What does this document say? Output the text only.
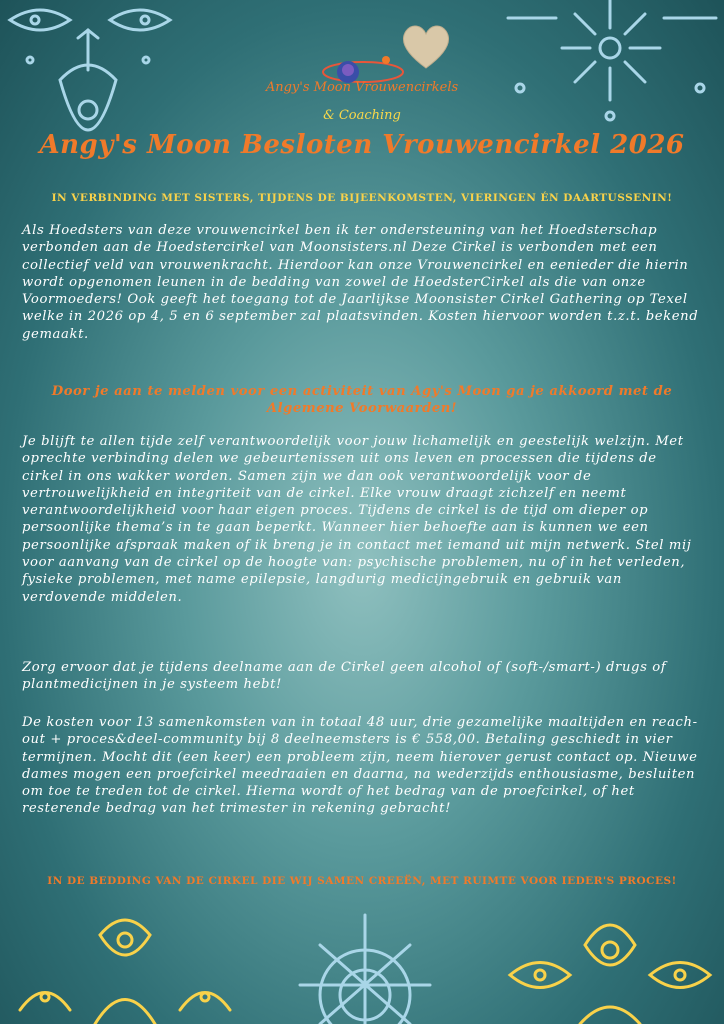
Angy's Moon Vrouwencirkels
& Coaching
Angy's Moon Besloten Vrouwencirkel 2026
IN VERBINDING MET SISTERS, TIJDENS DE BIJEENKOMSTEN, VIERINGEN ÉN DAARTUSSENIN!
Als Hoedsters van deze vrouwencirkel ben ik ter ondersteuning van het Hoedsterschap verbonden aan de Hoedstercirkel van Moonsisters.nl Deze Cirkel is verbonden met een collectief veld van vrouwenkracht. Hierdoor kan onze Vrouwencirkel en eenieder die hierin wordt opgenomen leunen in de bedding van zowel de HoedsterCirkel als die van onze Voormoeders! Ook geeft het toegang tot de Jaarlijkse Moonsister Cirkel Gathering op Texel welke in 2026 op 4, 5 en 6 september zal plaatsvinden. Kosten hiervoor worden t.z.t. bekend gemaakt.
Door je aan te melden voor een activiteit van Agy's Moon ga je akkoord met de Algemene Voorwaarden!
Je blijft te allen tijde zelf verantwoordelijk voor jouw lichamelijk en geestelijk welzijn. Met oprechte verbinding delen we gebeurtenissen uit ons leven en processen die tijdens de cirkel in ons wakker worden. Samen zijn we dan ook verantwoordelijk voor de vertrouwelijkheid en integriteit van de cirkel. Elke vrouw draagt zichzelf en neemt verantwoordelijkheid voor haar eigen proces. Tijdens de cirkel is de tijd om dieper op persoonlijke thema’s in te gaan beperkt. Wanneer hier behoefte aan is kunnen we een persoonlijke afspraak maken of ik breng je in contact met iemand uit mijn netwerk. Stel mij voor aanvang van de cirkel op de hoogte van: psychische problemen, nu of in het verleden, fysieke problemen, met name epilepsie, langdurig medicijngebruik en gebruik van verdovende middelen.
Zorg ervoor dat je tijdens deelname aan de Cirkel geen alcohol of (soft-/smart-) drugs of plantmedicijnen in je systeem hebt!
De kosten voor 13 samenkomsten van in totaal 48 uur, drie gezamelijke maaltijden en reach-out + proces&deel-community bij 8 deelneemsters is € 558,00. Betaling geschiedt in vier termijnen. Mocht dit (een keer) een probleem zijn, neem hierover gerust contact op. Nieuwe dames mogen een proefcirkel meedraaien en daarna, na wederzijds enthousiasme, besluiten om toe te treden tot de cirkel. Hierna wordt of het bedrag van de proefcirkel, of het resterende bedrag van het trimester in rekening gebracht!
IN DE BEDDING VAN DE CIRKEL DIE WIJ SAMEN CREEËN, MET RUIMTE VOOR IEDER'S PROCES!
